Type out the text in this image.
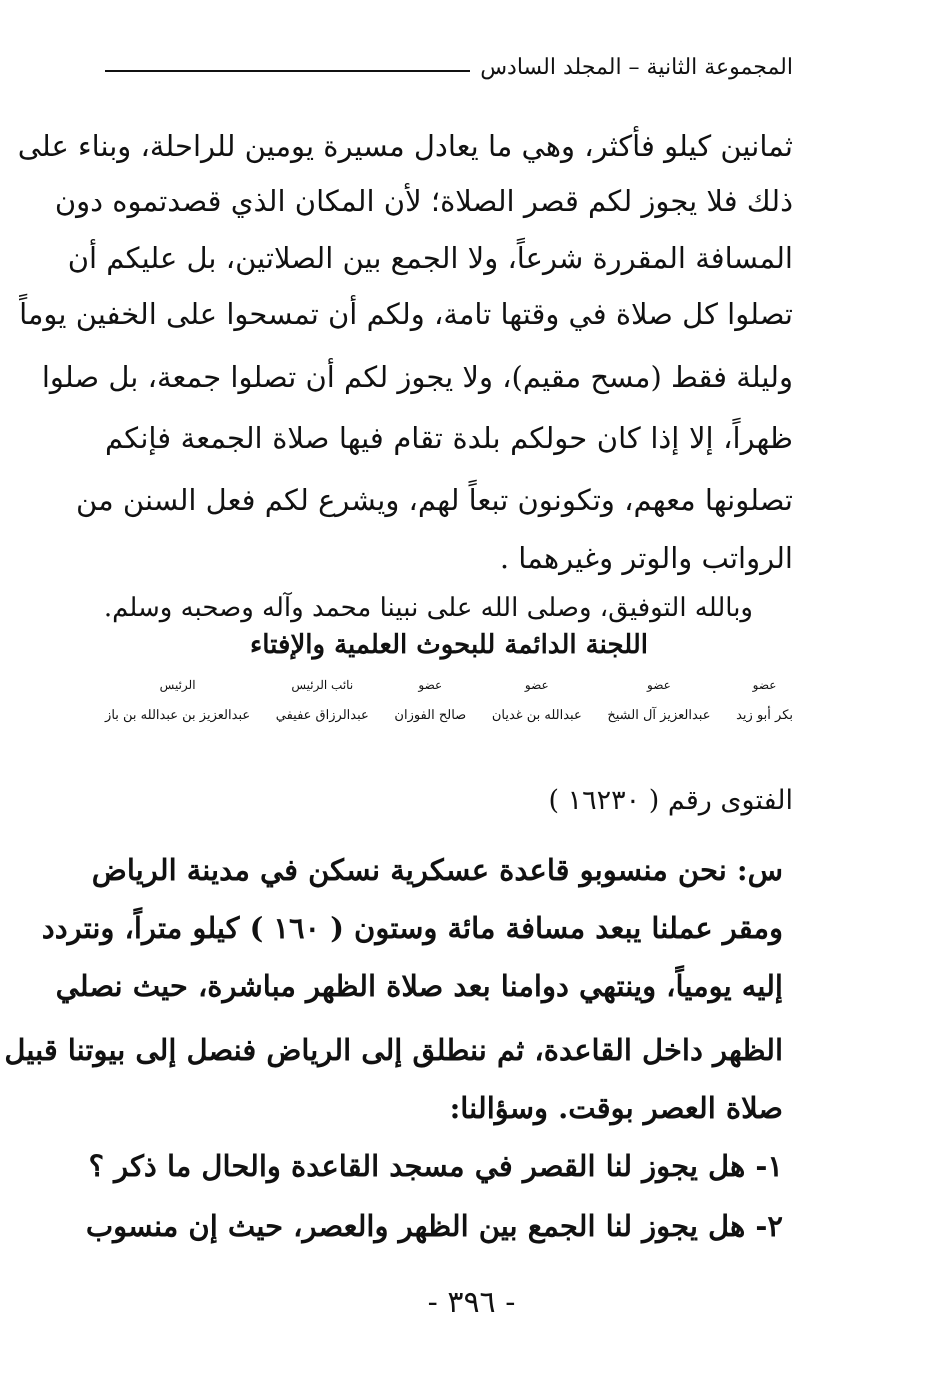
المجموعة الثانية – المجلد السادس
ثمانين كيلو فأكثر، وهي ما يعادل مسيرة يومين للراحلة، وبناء على
ذلك فلا يجوز لكم قصر الصلاة؛ لأن المكان الذي قصدتموه دون
المسافة المقررة شرعاً، ولا الجمع بين الصلاتين، بل عليكم أن
تصلوا كل صلاة في وقتها تامة، ولكم أن تمسحوا على الخفين يوماً
وليلة فقط (مسح مقيم)، ولا يجوز لكم أن تصلوا جمعة، بل صلوا
ظهراً، إلا إذا كان حولكم بلدة تقام فيها صلاة الجمعة فإنكم
تصلونها معهم، وتكونون تبعاً لهم، ويشرع لكم فعل السنن من
الرواتب والوتر وغيرهما .
وبالله التوفيق، وصلى الله على نبينا محمد وآله وصحبه وسلم.
اللجنة الدائمة للبحوث العلمية والإفتاء
عضو
بكر أبو زيد
عضو
عبدالعزيز آل الشيخ
عضو
عبدالله بن غديان
عضو
صالح الفوزان
نائب الرئيس
عبدالرزاق عفيفي
الرئيس
عبدالعزيز بن عبدالله بن باز
الفتوى رقم ( ١٦٢٣٠ )
س: نحن منسوبو قاعدة عسكرية نسكن في مدينة الرياض
ومقر عملنا يبعد مسافة مائة وستون ( ١٦٠ ) كيلو متراً، ونتردد
إليه يومياً، وينتهي دوامنا بعد صلاة الظهر مباشرة، حيث نصلي
الظهر داخل القاعدة، ثم ننطلق إلى الرياض فنصل إلى بيوتنا قبيل
صلاة العصر بوقت. وسؤالنا:
١- هل يجوز لنا القصر في مسجد القاعدة والحال ما ذكر ؟
٢- هل يجوز لنا الجمع بين الظهر والعصر، حيث إن منسوب
- ٣٩٦ -
